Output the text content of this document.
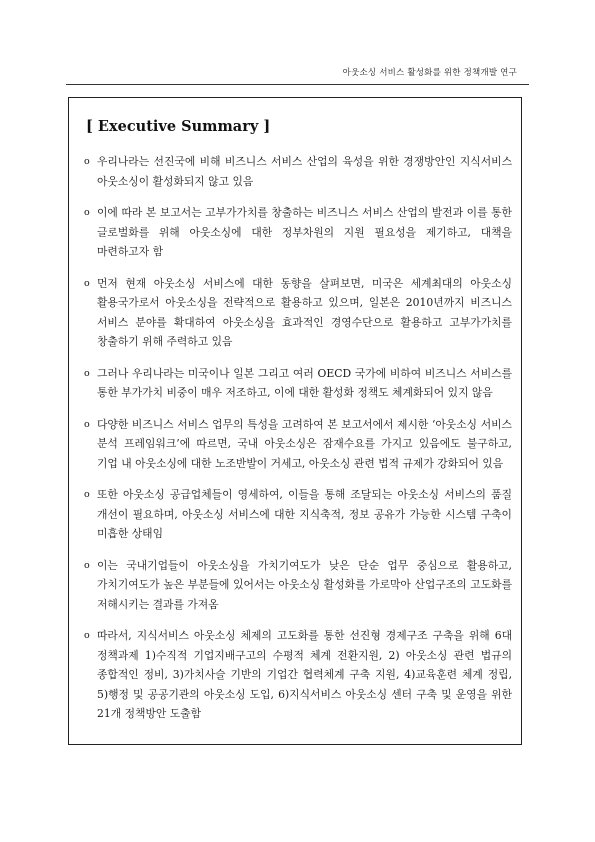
아웃소싱 서비스 활성화를 위한 정책개발 연구
[ Executive Summary ]
o 우리나라는 선진국에 비해 비즈니스 서비스 산업의 육성을 위한 경쟁방안인 지식서비스 아웃소싱이 활성화되지 않고 있음
o 이에 따라 본 보고서는 고부가가치를 창출하는 비즈니스 서비스 산업의 발전과 이를 통한 글로벌화를 위해 아웃소싱에 대한 정부차원의 지원 필요성을 제기하고, 대책을 마련하고자 함
o 먼저 현재 아웃소싱 서비스에 대한 동향을 살펴보면, 미국은 세계최대의 아웃소싱 활용국가로서 아웃소싱을 전략적으로 활용하고 있으며, 일본은 2010년까지 비즈니스 서비스 분야를 확대하여 아웃소싱을 효과적인 경영수단으로 활용하고 고부가가치를 창출하기 위해 주력하고 있음
o 그러나 우리나라는 미국이나 일본 그리고 여러 OECD 국가에 비하여 비즈니스 서비스를 통한 부가가치 비중이 매우 저조하고, 이에 대한 활성화 정책도 체계화되어 있지 않음
o 다양한 비즈니스 서비스 업무의 특성을 고려하여 본 보고서에서 제시한 ‘아웃소싱 서비스 분석 프레임워크’에 따르면, 국내 아웃소싱은 잠재수요를 가지고 있음에도 불구하고, 기업 내 아웃소싱에 대한 노조반발이 거세고, 아웃소싱 관련 법적 규제가 강화되어 있음
o 또한 아웃소싱 공급업체들이 영세하여, 이들을 통해 조달되는 아웃소싱 서비스의 품질 개선이 필요하며, 아웃소싱 서비스에 대한 지식축적, 정보 공유가 가능한 시스템 구축이 미흡한 상태임
o 이는 국내기업들이 아웃소싱을 가치기여도가 낮은 단순 업무 중심으로 활용하고, 가치기여도가 높은 부분들에 있어서는 아웃소싱 활성화를 가로막아 산업구조의 고도화를 저해시키는 결과를 가져옴
o 따라서, 지식서비스 아웃소싱 체제의 고도화를 통한 선진형 경제구조 구축을 위해 6대 정책과제 1)수직적 기업지배구고의 수평적 체계 전환지원, 2) 아웃소싱 관련 법규의 종합적인 정비, 3)가치사슬 기반의 기업간 협력체계 구축 지원, 4)교육훈련 체계 정립, 5)행정 및 공공기관의 아웃소싱 도입, 6)지식서비스 아웃소싱 센터 구축 및 운영을 위한 21개 정책방안 도출함
